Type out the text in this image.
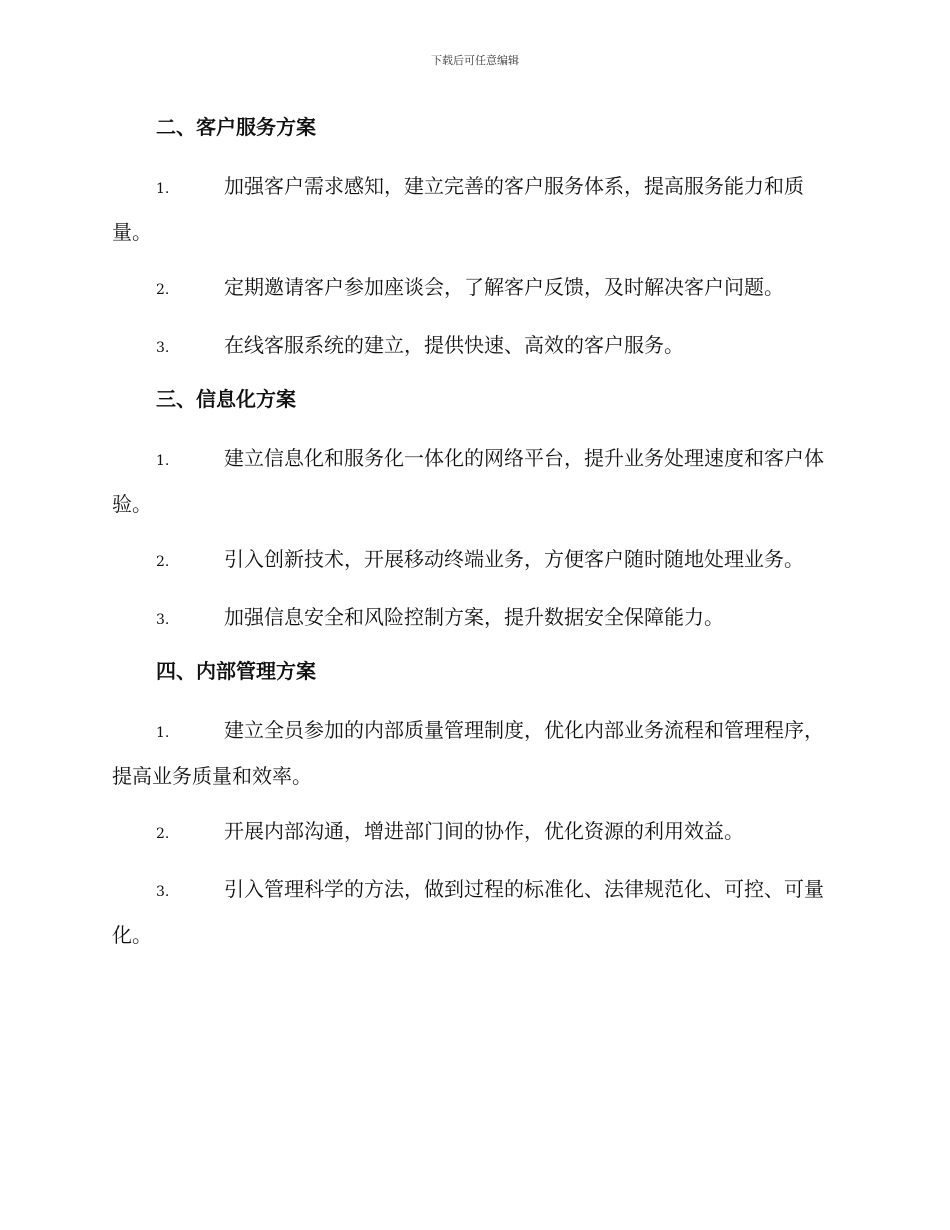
下载后可任意编辑
二、客户服务方案

1.	加强客户需求感知，建立完善的客户服务体系，提高服务能力和质量。

2.	定期邀请客户参加座谈会，了解客户反馈，及时解决客户问题。

3.	在线客服系统的建立，提供快速、高效的客户服务。

三、信息化方案

1.	建立信息化和服务化一体化的网络平台，提升业务处理速度和客户体验。

2.	引入创新技术，开展移动终端业务，方便客户随时随地处理业务。

3.	加强信息安全和风险控制方案，提升数据安全保障能力。

四、内部管理方案

1.	建立全员参加的内部质量管理制度，优化内部业务流程和管理程序，提高业务质量和效率。

2.	开展内部沟通，增进部门间的协作，优化资源的利用效益。

3.	引入管理科学的方法，做到过程的标准化、法律规范化、可控、可量化。
